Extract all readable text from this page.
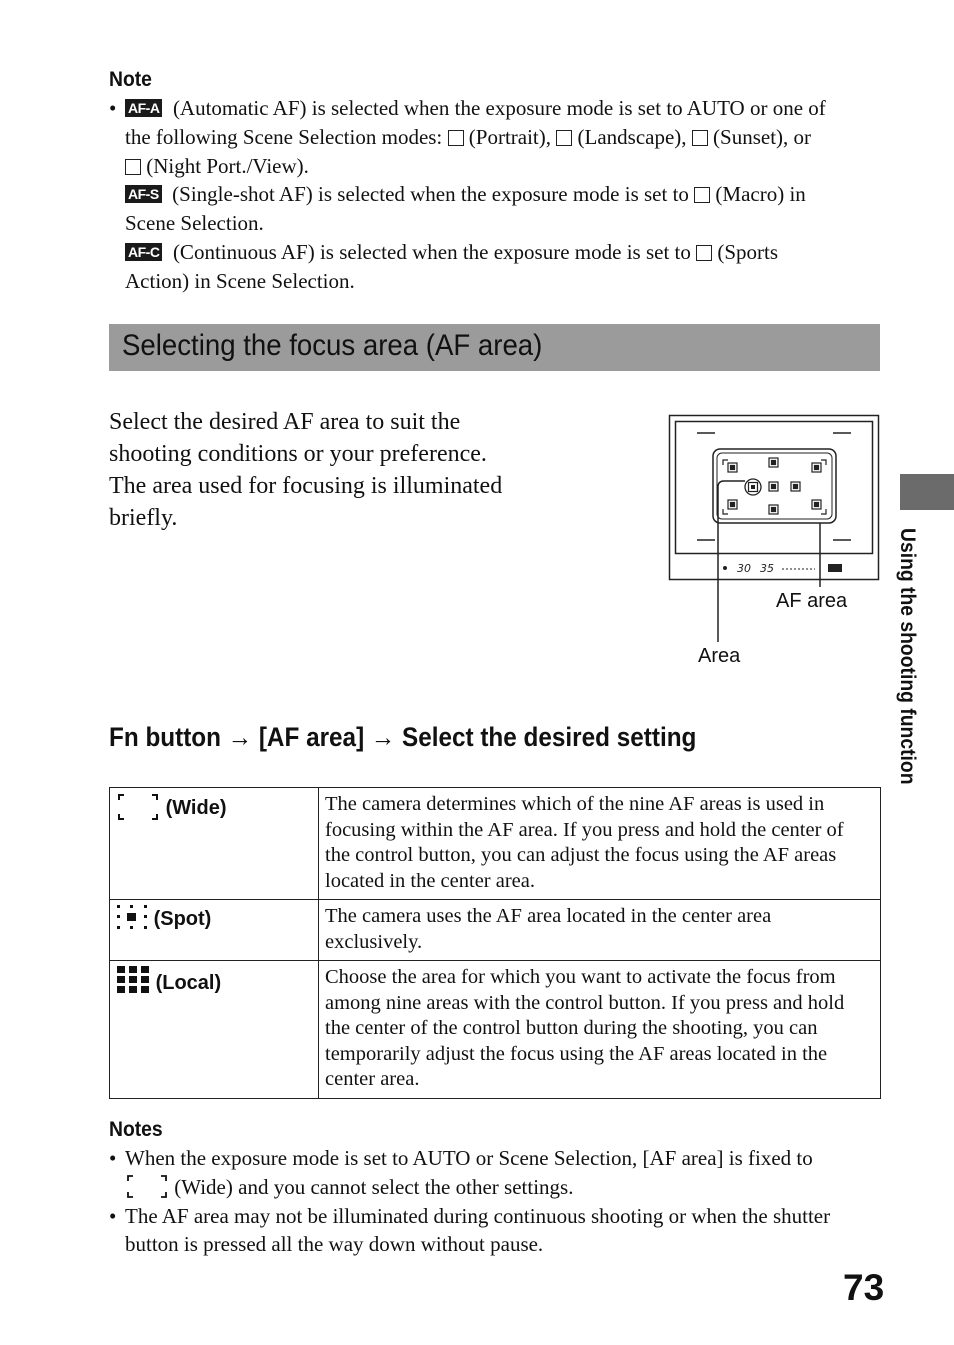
Note
• AF-A (Automatic AF) is selected when the exposure mode is set to AUTO or one of
the following Scene Selection modes: (Portrait), (Landscape), (Sunset), or
(Night Port./View).
AF-S (Single-shot AF) is selected when the exposure mode is set to (Macro) in
Scene Selection.
AF-C (Continuous AF) is selected when the exposure mode is set to (Sports
Action) in Scene Selection.
Selecting the focus area (AF area)
Select the desired AF area to suit the
shooting conditions or your preference.
The area used for focusing is illuminated
briefly.
30 35
AF area
Area	Using the shooting function
Fn button → [AF area] → Select the desired setting
(Wide)	The camera determines which of the nine AF areas is used in focusing within the AF area. If you press and hold the center of the control button, you can adjust the focus using the AF areas located in the center area.
(Spot)	The camera uses the AF area located in the center area exclusively.
(Local)	Choose the area for which you want to activate the focus from among nine areas with the control button. If you press and hold the center of the control button during the shooting, you can temporarily adjust the focus using the AF areas located in the center area.
Notes
• When the exposure mode is set to AUTO or Scene Selection, [AF area] is fixed to
(Wide) and you cannot select the other settings.
• The AF area may not be illuminated during continuous shooting or when the shutter
button is pressed all the way down without pause.
73
